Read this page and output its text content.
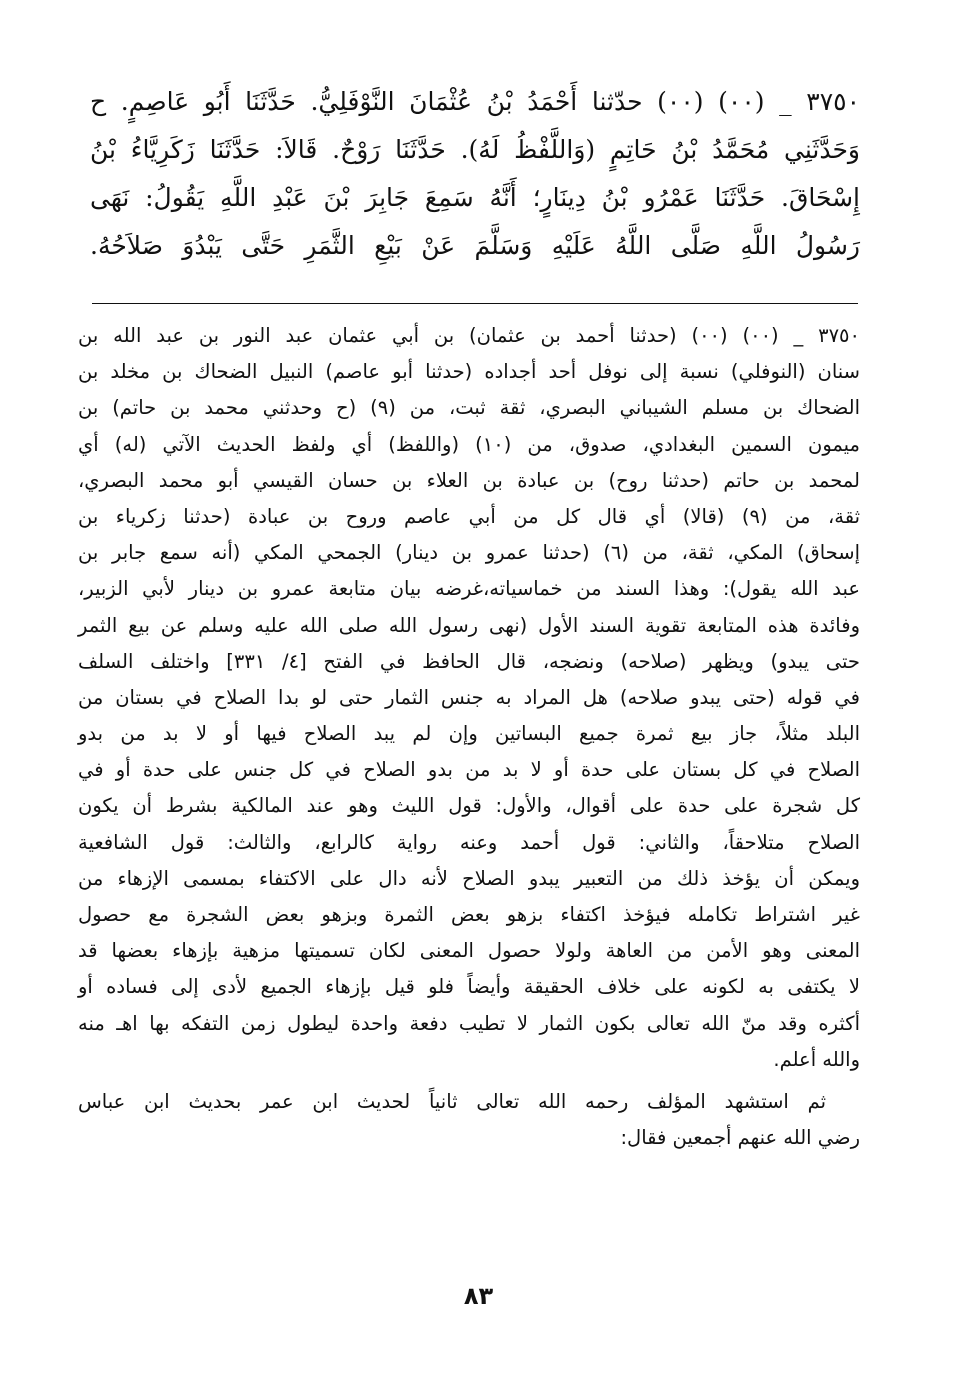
٣٧٥٠ _ (٠٠) (٠٠) حدّثنا أَحْمَدُ بْنُ عُثْمَانَ النَّوْفَلِيُّ. حَدَّثَنَا أَبُو عَاصِمٍ. ح
وَحَدَّثَنِي مُحَمَّدُ بْنُ حَاتِمٍ (وَاللَّفْظُ لَهُ). حَدَّثَنَا رَوْحٌ. قَالاَ: حَدَّثَنَا زَكَرِيَّاءُ بْنُ
إِسْحَاقَ. حَدَّثَنَا عَمْرُو بْنُ دِينَارٍ؛ أَنَّهُ سَمِعَ جَابِرَ بْنَ عَبْدِ اللَّهِ يَقُولُ: نَهَى
رَسُولُ اللَّهِ صَلَّى اللَّهُ عَلَيْهِ وَسَلَّمَ عَنْ بَيْعِ الثَّمَرِ حَتَّى يَبْدُوَ صَلاَحُهُ.
٣٧٥٠ _ (٠٠) (٠٠) (حدثنا أحمد بن عثمان) بن أبي عثمان عبد النور بن عبد الله بن
سنان (النوفلي) نسبة إلى نوفل أحد أجداده (حدثنا أبو عاصم) النبيل الضحاك بن مخلد بن
الضحاك بن مسلم الشيباني البصري، ثقة ثبت، من (٩) (ح وحدثني محمد بن حاتم) بن
ميمون السمين البغدادي، صدوق، من (١٠) (واللفظ) أي ولفظ الحديث الآتي (له) أي
لمحمد بن حاتم (حدثنا روح) بن عبادة بن العلاء بن حسان القيسي أبو محمد البصري،
ثقة، من (٩) (قالا) أي قال كل من أبي عاصم وروح بن عبادة (حدثنا زكرياء بن
إسحاق) المكي، ثقة، من (٦) (حدثنا عمرو بن دينار) الجمحي المكي (أنه سمع جابر بن
عبد الله يقول): وهذا السند من خماسياته،غرضه بيان متابعة عمرو بن دينار لأبي الزبير،
وفائدة هذه المتابعة تقوية السند الأول (نهى رسول الله صلى الله عليه وسلم عن بيع الثمر
حتى يبدو) ويظهر (صلاحه) ونضجه، قال الحافظ في الفتح [٤/ ٣٣١] واختلف السلف
في قوله (حتى يبدو صلاحه) هل المراد به جنس الثمار حتى لو بدا الصلاح في بستان من
البلد مثلاً، جاز بيع ثمرة جميع البساتين وإن لم يبد الصلاح فيها أو لا بد من بدو
الصلاح في كل بستان على حدة أو لا بد من بدو الصلاح في كل جنس على حدة أو في
كل شجرة على حدة على أقوال، والأول: قول الليث وهو عند المالكية بشرط أن يكون
الصلاح متلاحقاً، والثاني: قول أحمد وعنه رواية كالرابع، والثالث: قول الشافعية
ويمكن أن يؤخذ ذلك من التعبير يبدو الصلاح لأنه دال على الاكتفاء بمسمى الإزهاء من
غير اشتراط تكامله فيؤخذ اكتفاء بزهو بعض الثمرة وبزهو بعض الشجرة مع حصول
المعنى وهو الأمن من العاهة ولولا حصول المعنى لكان تسميتها مزهية بإزهاء بعضها قد
لا يكتفى به لكونه على خلاف الحقيقة وأيضاً فلو قيل بإزهاء الجميع لأدى إلى فساده أو
أكثره وقد منّ الله تعالى بكون الثمار لا تطيب دفعة واحدة ليطول زمن التفكه بها اهـ منه
والله أعلم.
ثم استشهد المؤلف رحمه الله تعالى ثانياً لحديث ابن عمر بحديث ابن عباس
رضي الله عنهم أجمعين فقال:
٨٣
